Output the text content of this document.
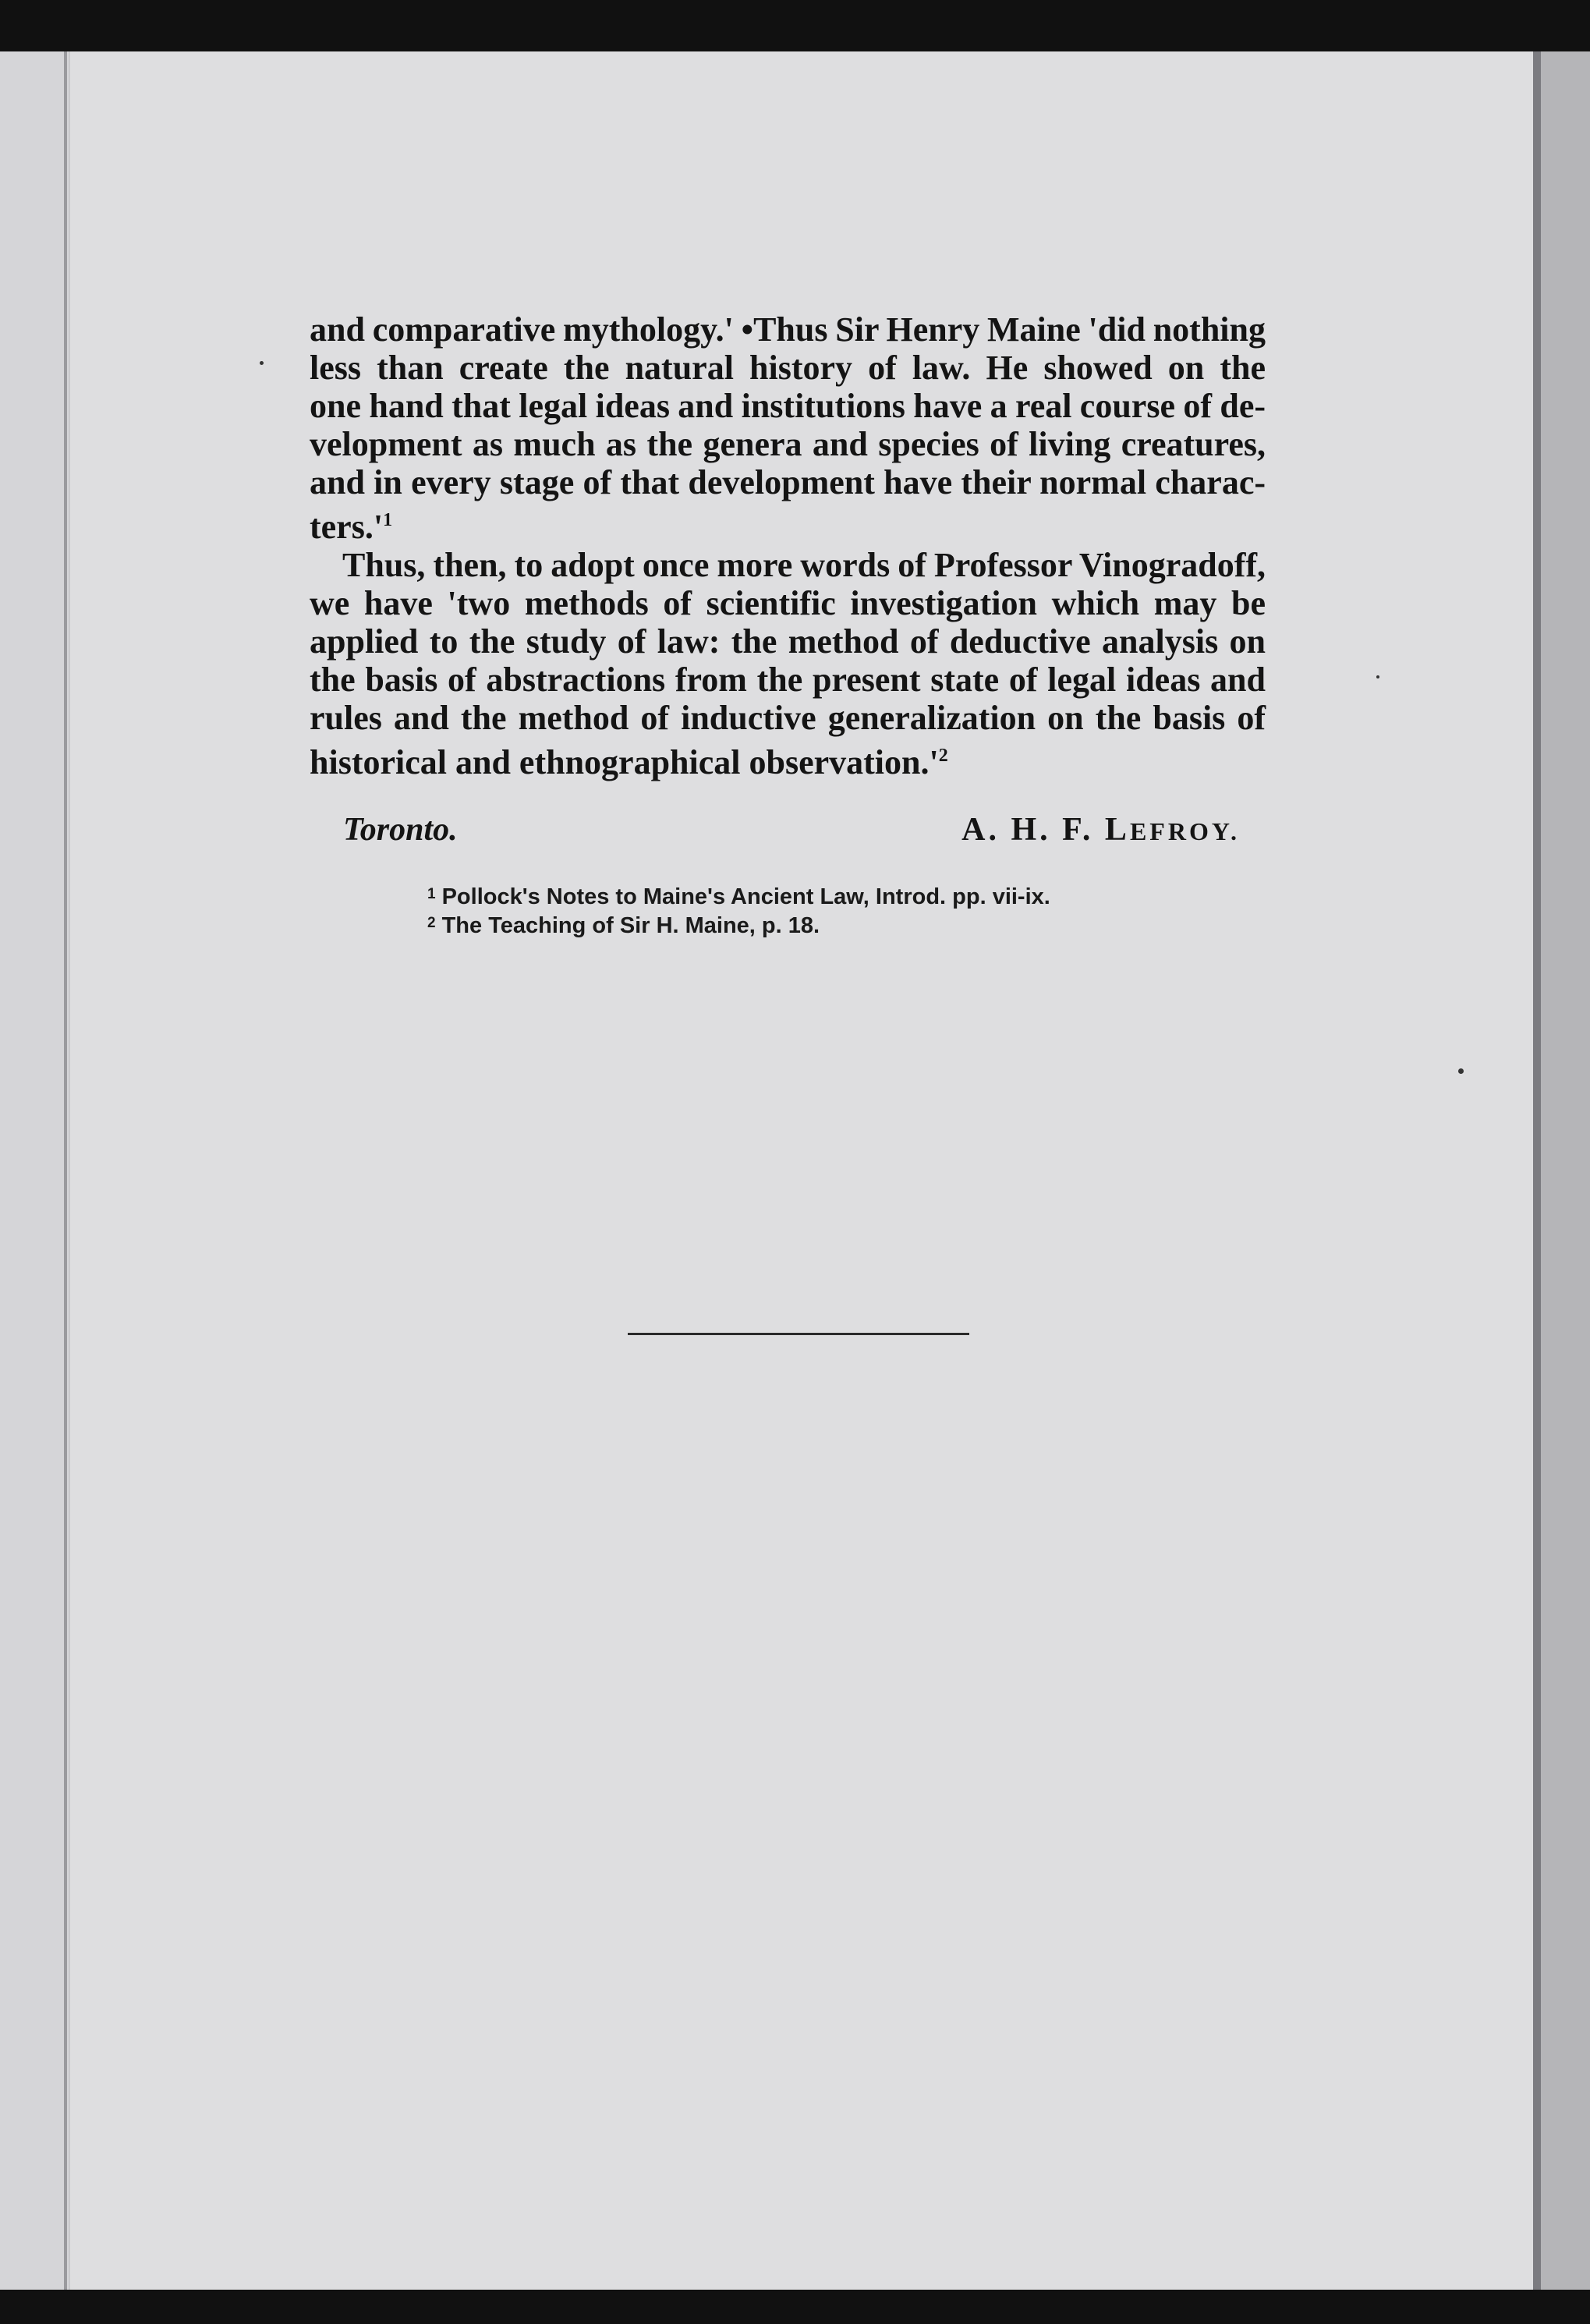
and comparative mythology.' •Thus Sir Henry Maine 'did nothing
less than create the natural history of law. He showed on the
one hand that legal ideas and institutions have a real course of de-
velopment as much as the genera and species of living creatures,
and in every stage of that development have their normal charac-
ters.'$^1$
Thus, then, to adopt once more words of Professor Vinogradoff,
we have 'two methods of scientific investigation which may be
applied to the study of law: the method of deductive analysis on
the basis of abstractions from the present state of legal ideas and
rules and the method of inductive generalization on the basis of
historical and ethnographical observation.'$^2$
Toronto.	A. H. F. LEFROY.
$^1$ Pollock's Notes to Maine's Ancient Law, Introd. pp. vii-ix.
$^2$ The Teaching of Sir H. Maine, p. 18.
